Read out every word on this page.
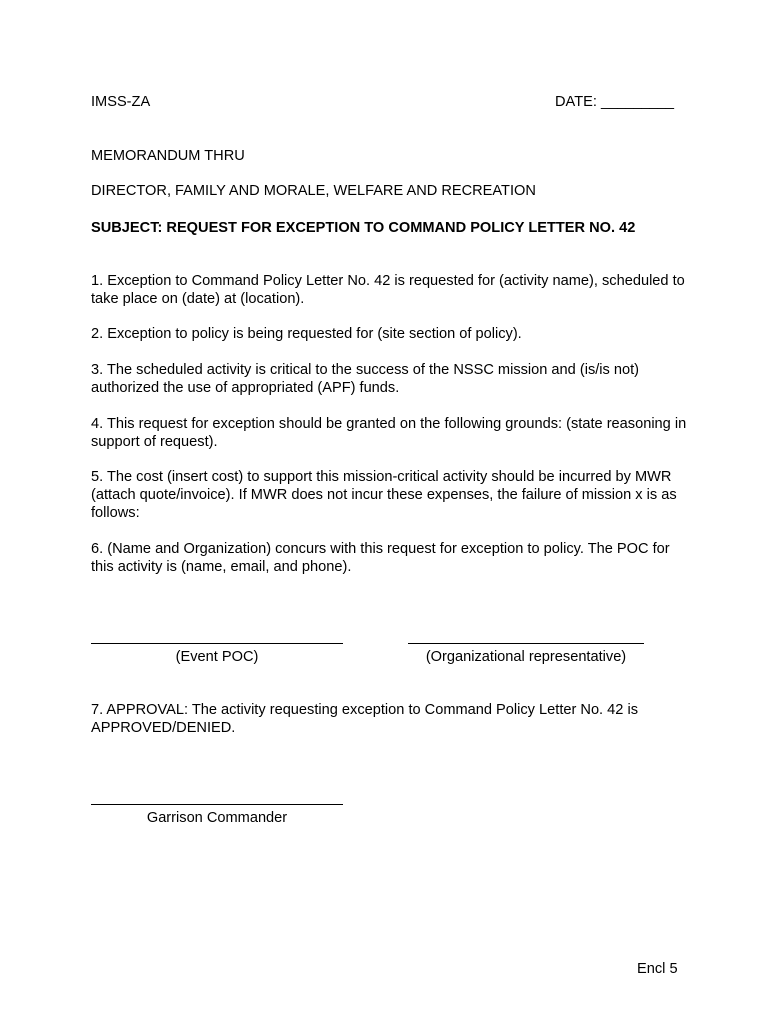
IMSS-ZA	DATE: _________
MEMORANDUM THRU
DIRECTOR, FAMILY AND MORALE, WELFARE AND RECREATION
SUBJECT: REQUEST FOR EXCEPTION TO COMMAND POLICY LETTER NO. 42
1. Exception to Command Policy Letter No. 42 is requested for (activity name), scheduled to take place on (date) at (location).
2. Exception to policy is being requested for (site section of policy).
3. The scheduled activity is critical to the success of the NSSC mission and (is/is not) authorized the use of appropriated (APF) funds.
4. This request for exception should be granted on the following grounds: (state reasoning in support of request).
5. The cost (insert cost) to support this mission-critical activity should be incurred by MWR (attach quote/invoice). If MWR does not incur these expenses, the failure of mission x is as follows:
6. (Name and Organization) concurs with this request for exception to policy. The POC for this activity is (name, email, and phone).
(Event POC)	(Organizational representative)
7. APPROVAL: The activity requesting exception to Command Policy Letter No. 42 is APPROVED/DENIED.
Garrison Commander
Encl 5
